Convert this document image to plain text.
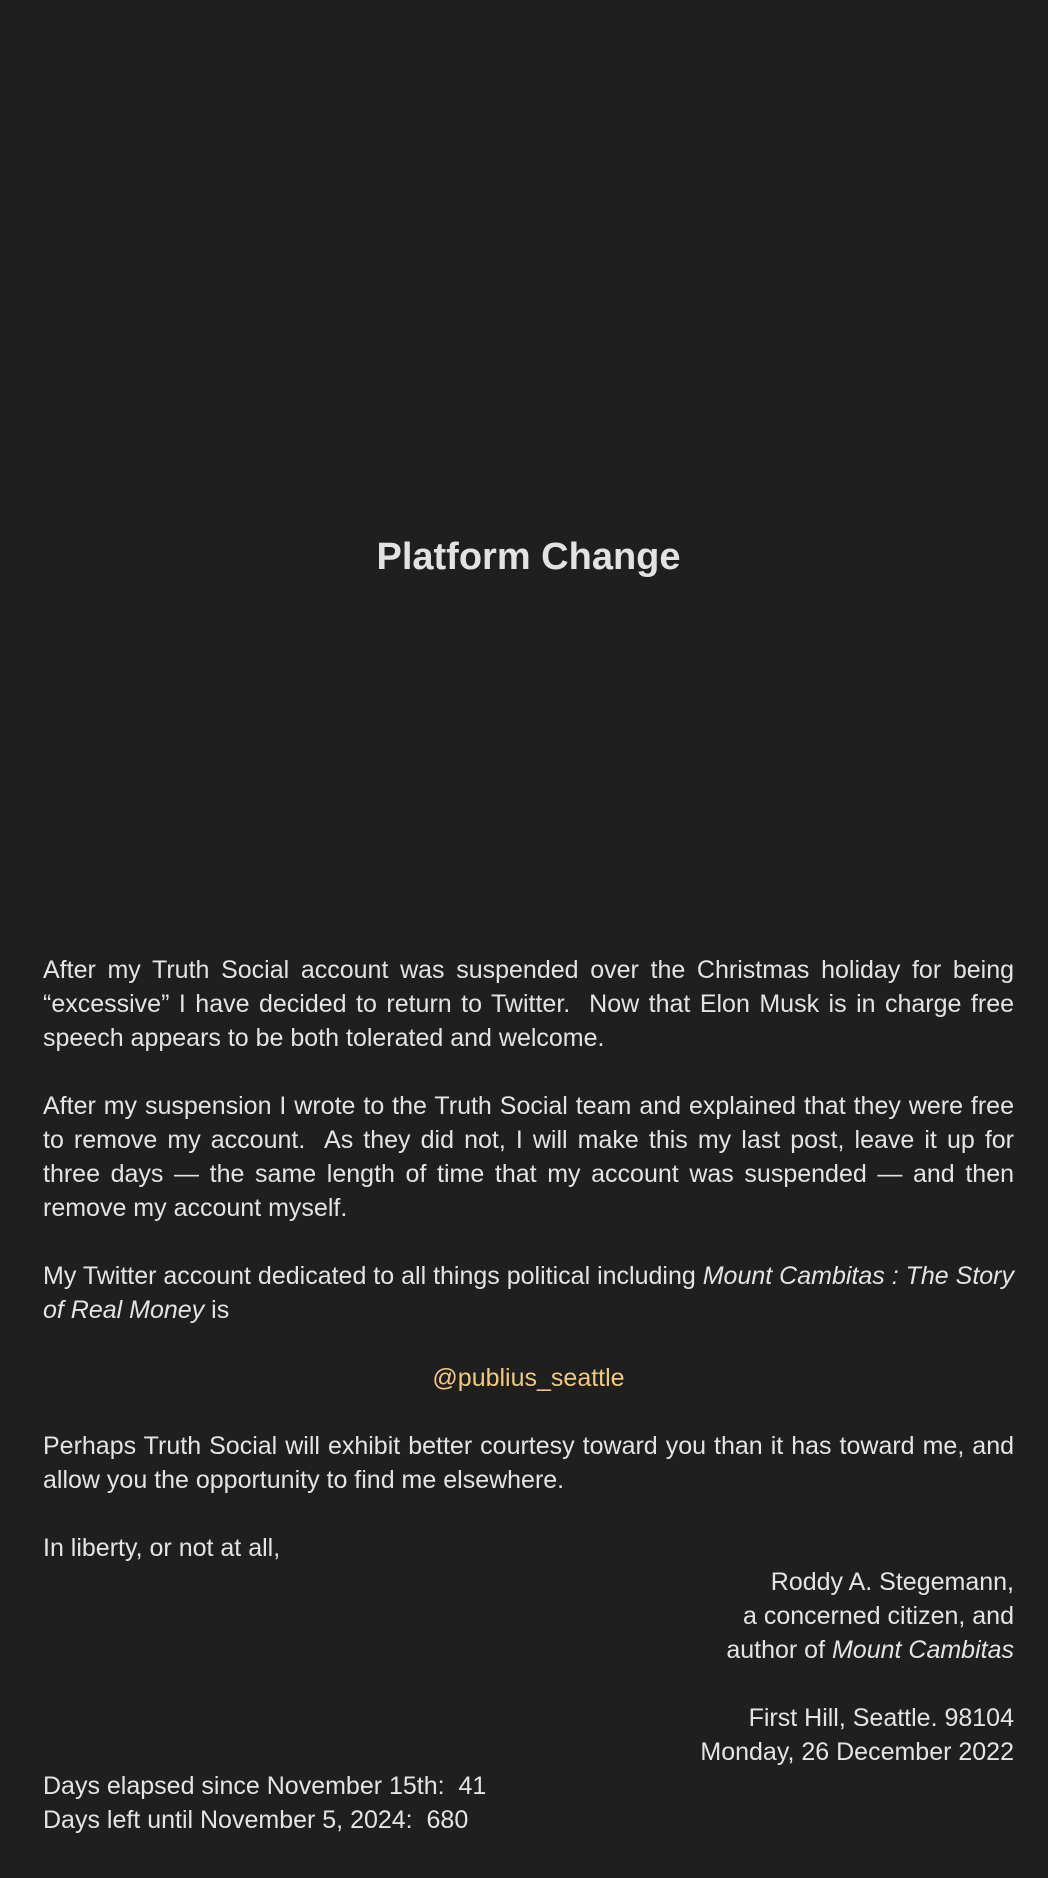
Platform Change

After my Truth Social account was suspended over the Christmas holiday for being “excessive” I have decided to return to Twitter.  Now that Elon Musk is in charge free speech appears to be both tolerated and welcome.

After my suspension I wrote to the Truth Social team and explained that they were free to remove my account.  As they did not, I will make this my last post, leave it up for three days — the same length of time that my account was suspended — and then remove my account myself.

My Twitter account dedicated to all things political including Mount Cambitas : The Story of Real Money is

@publius_seattle

Perhaps Truth Social will exhibit better courtesy toward you than it has toward me, and allow you the opportunity to find me elsewhere.

In liberty, or not at all,

Roddy A. Stegemann,

a concerned citizen, and

author of Mount Cambitas

First Hill, Seattle. 98104

Monday, 26 December 2022

Days elapsed since November 15th:  41

Days left until November 5, 2024:  680
